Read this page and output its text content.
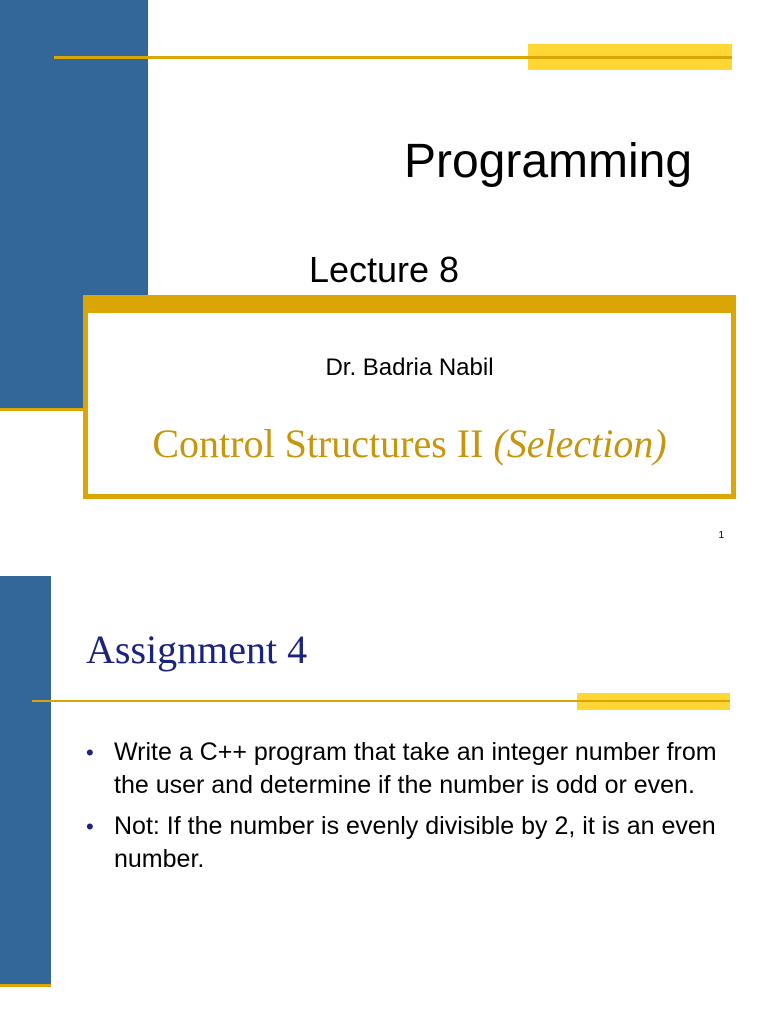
Programming
Lecture 8
Dr. Badria Nabil
Control Structures II (Selection)
1
Assignment 4
• Write a C++ program that take an integer number from the user and determine if the number is odd or even.
• Not: If the number is evenly divisible by 2, it is an even number.
